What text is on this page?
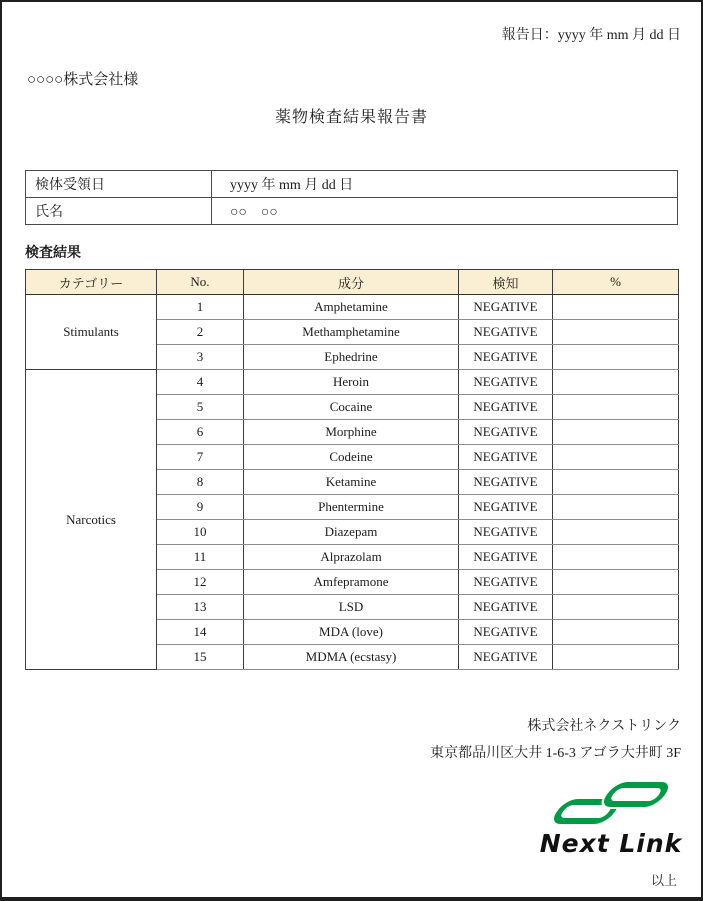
報告日：yyyy 年 mm 月 dd 日
○○○○株式会社様
薬物検査結果報告書
検体受領日	yyyy 年 mm 月 dd 日
氏名	○○　○○
検査結果
カテゴリー	No.	成分	検知	%
Stimulants	1	Amphetamine	NEGATIVE	
	2	Methamphetamine	NEGATIVE	
	3	Ephedrine	NEGATIVE	
Narcotics	4	Heroin	NEGATIVE	
	5	Cocaine	NEGATIVE	
	6	Morphine	NEGATIVE	
	7	Codeine	NEGATIVE	
	8	Ketamine	NEGATIVE	
	9	Phentermine	NEGATIVE	
	10	Diazepam	NEGATIVE	
	11	Alprazolam	NEGATIVE	
	12	Amfepramone	NEGATIVE	
	13	LSD	NEGATIVE	
	14	MDA (love)	NEGATIVE	
	15	MDMA (ecstasy)	NEGATIVE	
株式会社ネクストリンク
東京都品川区大井 1-6-3 アゴラ大井町 3F
Next Link
以上
